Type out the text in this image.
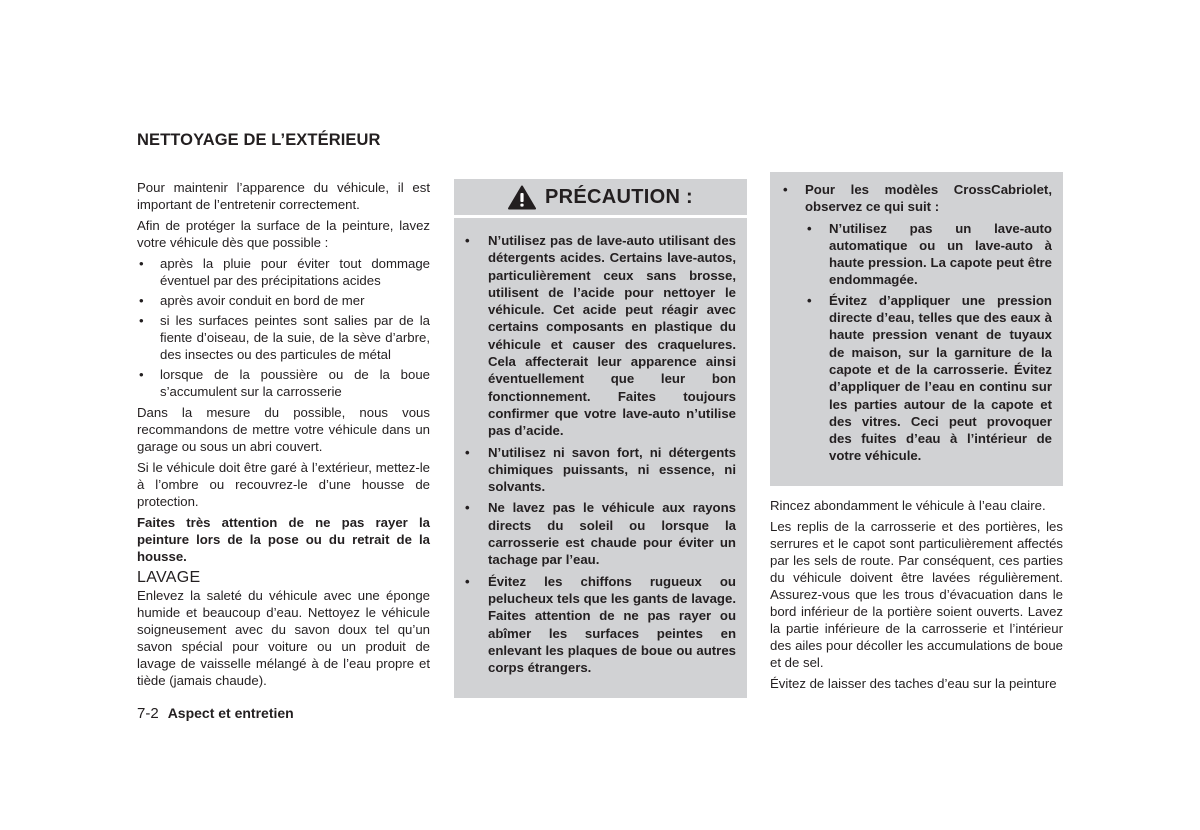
NETTOYAGE DE L’EXTÉRIEUR

Pour maintenir l’apparence du véhicule, il est important de l’entretenir correctement.

Afin de protéger la surface de la peinture, lavez votre véhicule dès que possible :

• après la pluie pour éviter tout dommage éventuel par des précipitations acides
• après avoir conduit en bord de mer
• si les surfaces peintes sont salies par de la fiente d’oiseau, de la suie, de la sève d’arbre, des insectes ou des particules de métal
• lorsque de la poussière ou de la boue s’accumulent sur la carrosserie

Dans la mesure du possible, nous vous recommandons de mettre votre véhicule dans un garage ou sous un abri couvert.

Si le véhicule doit être garé à l’extérieur, mettez-le à l’ombre ou recouvrez-le d’une housse de protection.

Faites très attention de ne pas rayer la peinture lors de la pose ou du retrait de la housse.

LAVAGE

Enlevez la saleté du véhicule avec une éponge humide et beaucoup d’eau. Nettoyez le véhicule soigneusement avec du savon doux tel qu’un savon spécial pour voiture ou un produit de lavage de vaisselle mélangé à de l’eau propre et tiède (jamais chaude).

PRÉCAUTION :
• N’utilisez pas de lave-auto utilisant des détergents acides. Certains lave-autos, particulièrement ceux sans brosse, utilisent de l’acide pour nettoyer le véhicule. Cet acide peut réagir avec certains composants en plastique du véhicule et causer des craquelures. Cela affecterait leur apparence ainsi éventuellement que leur bon fonctionnement. Faites toujours confirmer que votre lave-auto n’utilise pas d’acide.
• N’utilisez ni savon fort, ni détergents chimiques puissants, ni essence, ni solvants.
• Ne lavez pas le véhicule aux rayons directs du soleil ou lorsque la carrosserie est chaude pour éviter un tachage par l’eau.
• Évitez les chiffons rugueux ou pelucheux tels que les gants de lavage. Faites attention de ne pas rayer ou abîmer les surfaces peintes en enlevant les plaques de boue ou autres corps étrangers.
• Pour les modèles CrossCabriolet, observez ce qui suit :
• N’utilisez pas un lave-auto automatique ou un lave-auto à haute pression. La capote peut être endommagée.
• Évitez d’appliquer une pression directe d’eau, telles que des eaux à haute pression venant de tuyaux de maison, sur la garniture de la capote et de la carrosserie. Évitez d’appliquer de l’eau en continu sur les parties autour de la capote et des vitres. Ceci peut provoquer des fuites d’eau à l’intérieur de votre véhicule.

Rincez abondamment le véhicule à l’eau claire.

Les replis de la carrosserie et des portières, les serrures et le capot sont particulièrement affectés par les sels de route. Par conséquent, ces parties du véhicule doivent être lavées régulièrement. Assurez-vous que les trous d’évacuation dans le bord inférieur de la portière soient ouverts. Lavez la partie inférieure de la carrosserie et l’intérieur des ailes pour décoller les accumulations de boue et de sel.

Évitez de laisser des taches d’eau sur la peinture

7-2 Aspect et entretien
